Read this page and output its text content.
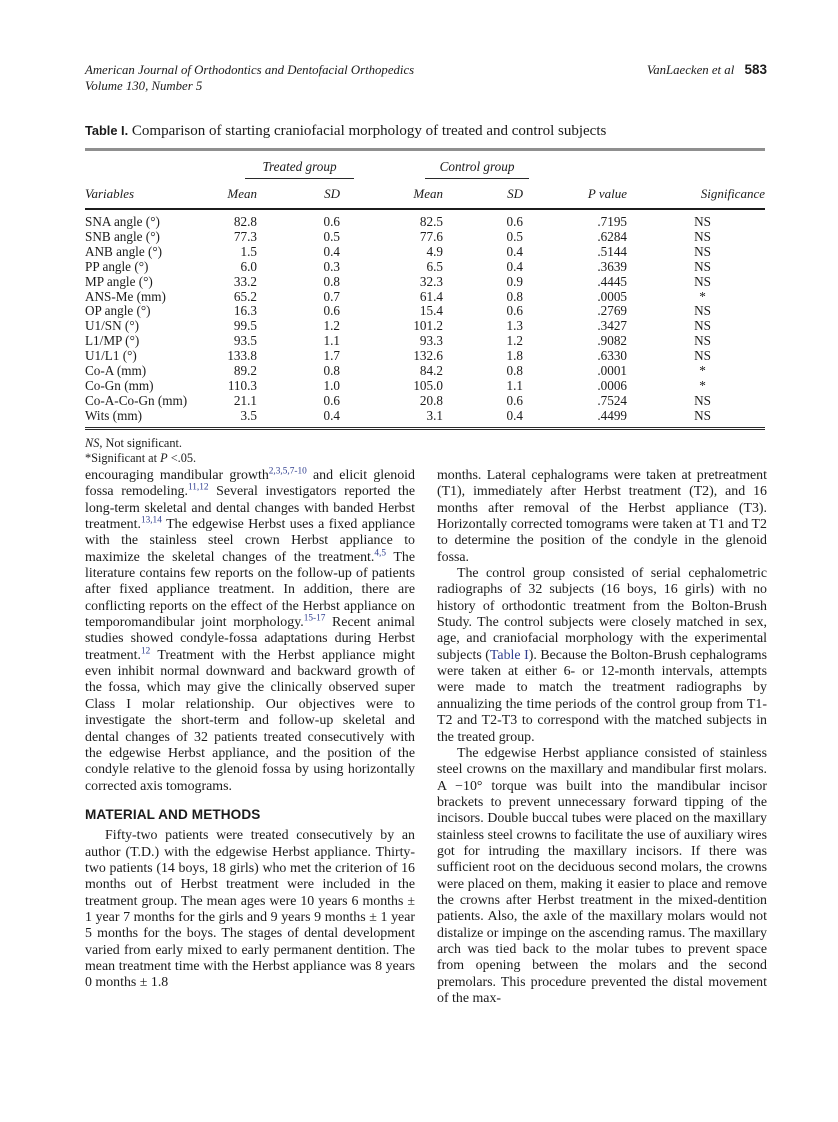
American Journal of Orthodontics and Dentofacial Orthopedics
Volume 130, Number 5
VanLaecken et al 583
Table I. Comparison of starting craniofacial morphology of treated and control subjects

	Treated group		Control group			

Variables	Mean	SD	Mean	SD	P value	Significance
SNA angle (°)	82.8	0.6	82.5	0.6	.7195	NS
SNB angle (°)	77.3	0.5	77.6	0.5	.6284	NS
ANB angle (°)	1.5	0.4	4.9	0.4	.5144	NS
PP angle (°)	6.0	0.3	6.5	0.4	.3639	NS
MP angle (°)	33.2	0.8	32.3	0.9	.4445	NS
ANS-Me (mm)	65.2	0.7	61.4	0.8	.0005	*
OP angle (°)	16.3	0.6	15.4	0.6	.2769	NS
U1/SN (°)	99.5	1.2	101.2	1.3	.3427	NS
L1/MP (°)	93.5	1.1	93.3	1.2	.9082	NS
U1/L1 (°)	133.8	1.7	132.6	1.8	.6330	NS
Co-A (mm)	89.2	0.8	84.2	0.8	.0001	*
Co-Gn (mm)	110.3	1.0	105.0	1.1	.0006	*
Co-A-Co-Gn (mm)	21.1	0.6	20.8	0.6	.7524	NS
Wits (mm)	3.5	0.4	3.1	0.4	.4499	NS
NS, Not significant.
*Significant at P <.05.

encouraging mandibular growth$^{2,3,5,7-10}$ and elicit glenoid fossa remodeling.$^{11,12}$ Several investigators reported the long-term skeletal and dental changes with banded Herbst treatment.$^{13,14}$ The edgewise Herbst uses a fixed appliance with the stainless steel crown Herbst appliance to maximize the skeletal changes of the treatment.$^{4,5}$ The literature contains few reports on the follow-up of patients after fixed appliance treatment. In addition, there are conflicting reports on the effect of the Herbst appliance on temporomandibular joint morphology.$^{15-17}$ Recent animal studies showed condyle-fossa adaptations during Herbst treatment.$^{12}$ Treatment with the Herbst appliance might even inhibit normal downward and backward growth of the fossa, which may give the clinically observed super Class I molar relationship. Our objectives were to investigate the short-term and follow-up skeletal and dental changes of 32 patients treated consecutively with the edgewise Herbst appliance, and the position of the condyle relative to the glenoid fossa by using horizontally corrected axis tomograms.

MATERIAL AND METHODS

Fifty-two patients were treated consecutively by an author (T.D.) with the edgewise Herbst appliance. Thirty-two patients (14 boys, 18 girls) who met the criterion of 16 months out of Herbst treatment were included in the treatment group. The mean ages were 10 years 6 months ± 1 year 7 months for the girls and 9 years 9 months ± 1 year 5 months for the boys. The stages of dental development varied from early mixed to early permanent dentition. The mean treatment time with the Herbst appliance was 8 years 0 months ± 1.8

months. Lateral cephalograms were taken at pretreatment (T1), immediately after Herbst treatment (T2), and 16 months after removal of the Herbst appliance (T3). Horizontally corrected tomograms were taken at T1 and T2 to determine the position of the condyle in the glenoid fossa.

The control group consisted of serial cephalometric radiographs of 32 subjects (16 boys, 16 girls) with no history of orthodontic treatment from the Bolton-Brush Study. The control subjects were closely matched in sex, age, and craniofacial morphology with the experimental subjects (Table I). Because the Bolton-Brush cephalograms were taken at either 6- or 12-month intervals, attempts were made to match the treatment radiographs by annualizing the time periods of the control group from T1-T2 and T2-T3 to correspond with the matched subjects in the treated group.

The edgewise Herbst appliance consisted of stainless steel crowns on the maxillary and mandibular first molars. A −10° torque was built into the mandibular incisor brackets to prevent unnecessary forward tipping of the incisors. Double buccal tubes were placed on the maxillary stainless steel crowns to facilitate the use of auxiliary wires got for intruding the maxillary incisors. If there was sufficient root on the deciduous second molars, the crowns were placed on them, making it easier to place and remove the crowns after Herbst treatment in the mixed-dentition patients. Also, the axle of the maxillary molars would not distalize or impinge on the ascending ramus. The maxillary arch was tied back to the molar tubes to prevent space from opening between the molars and the second premolars. This procedure prevented the distal movement of the max-
